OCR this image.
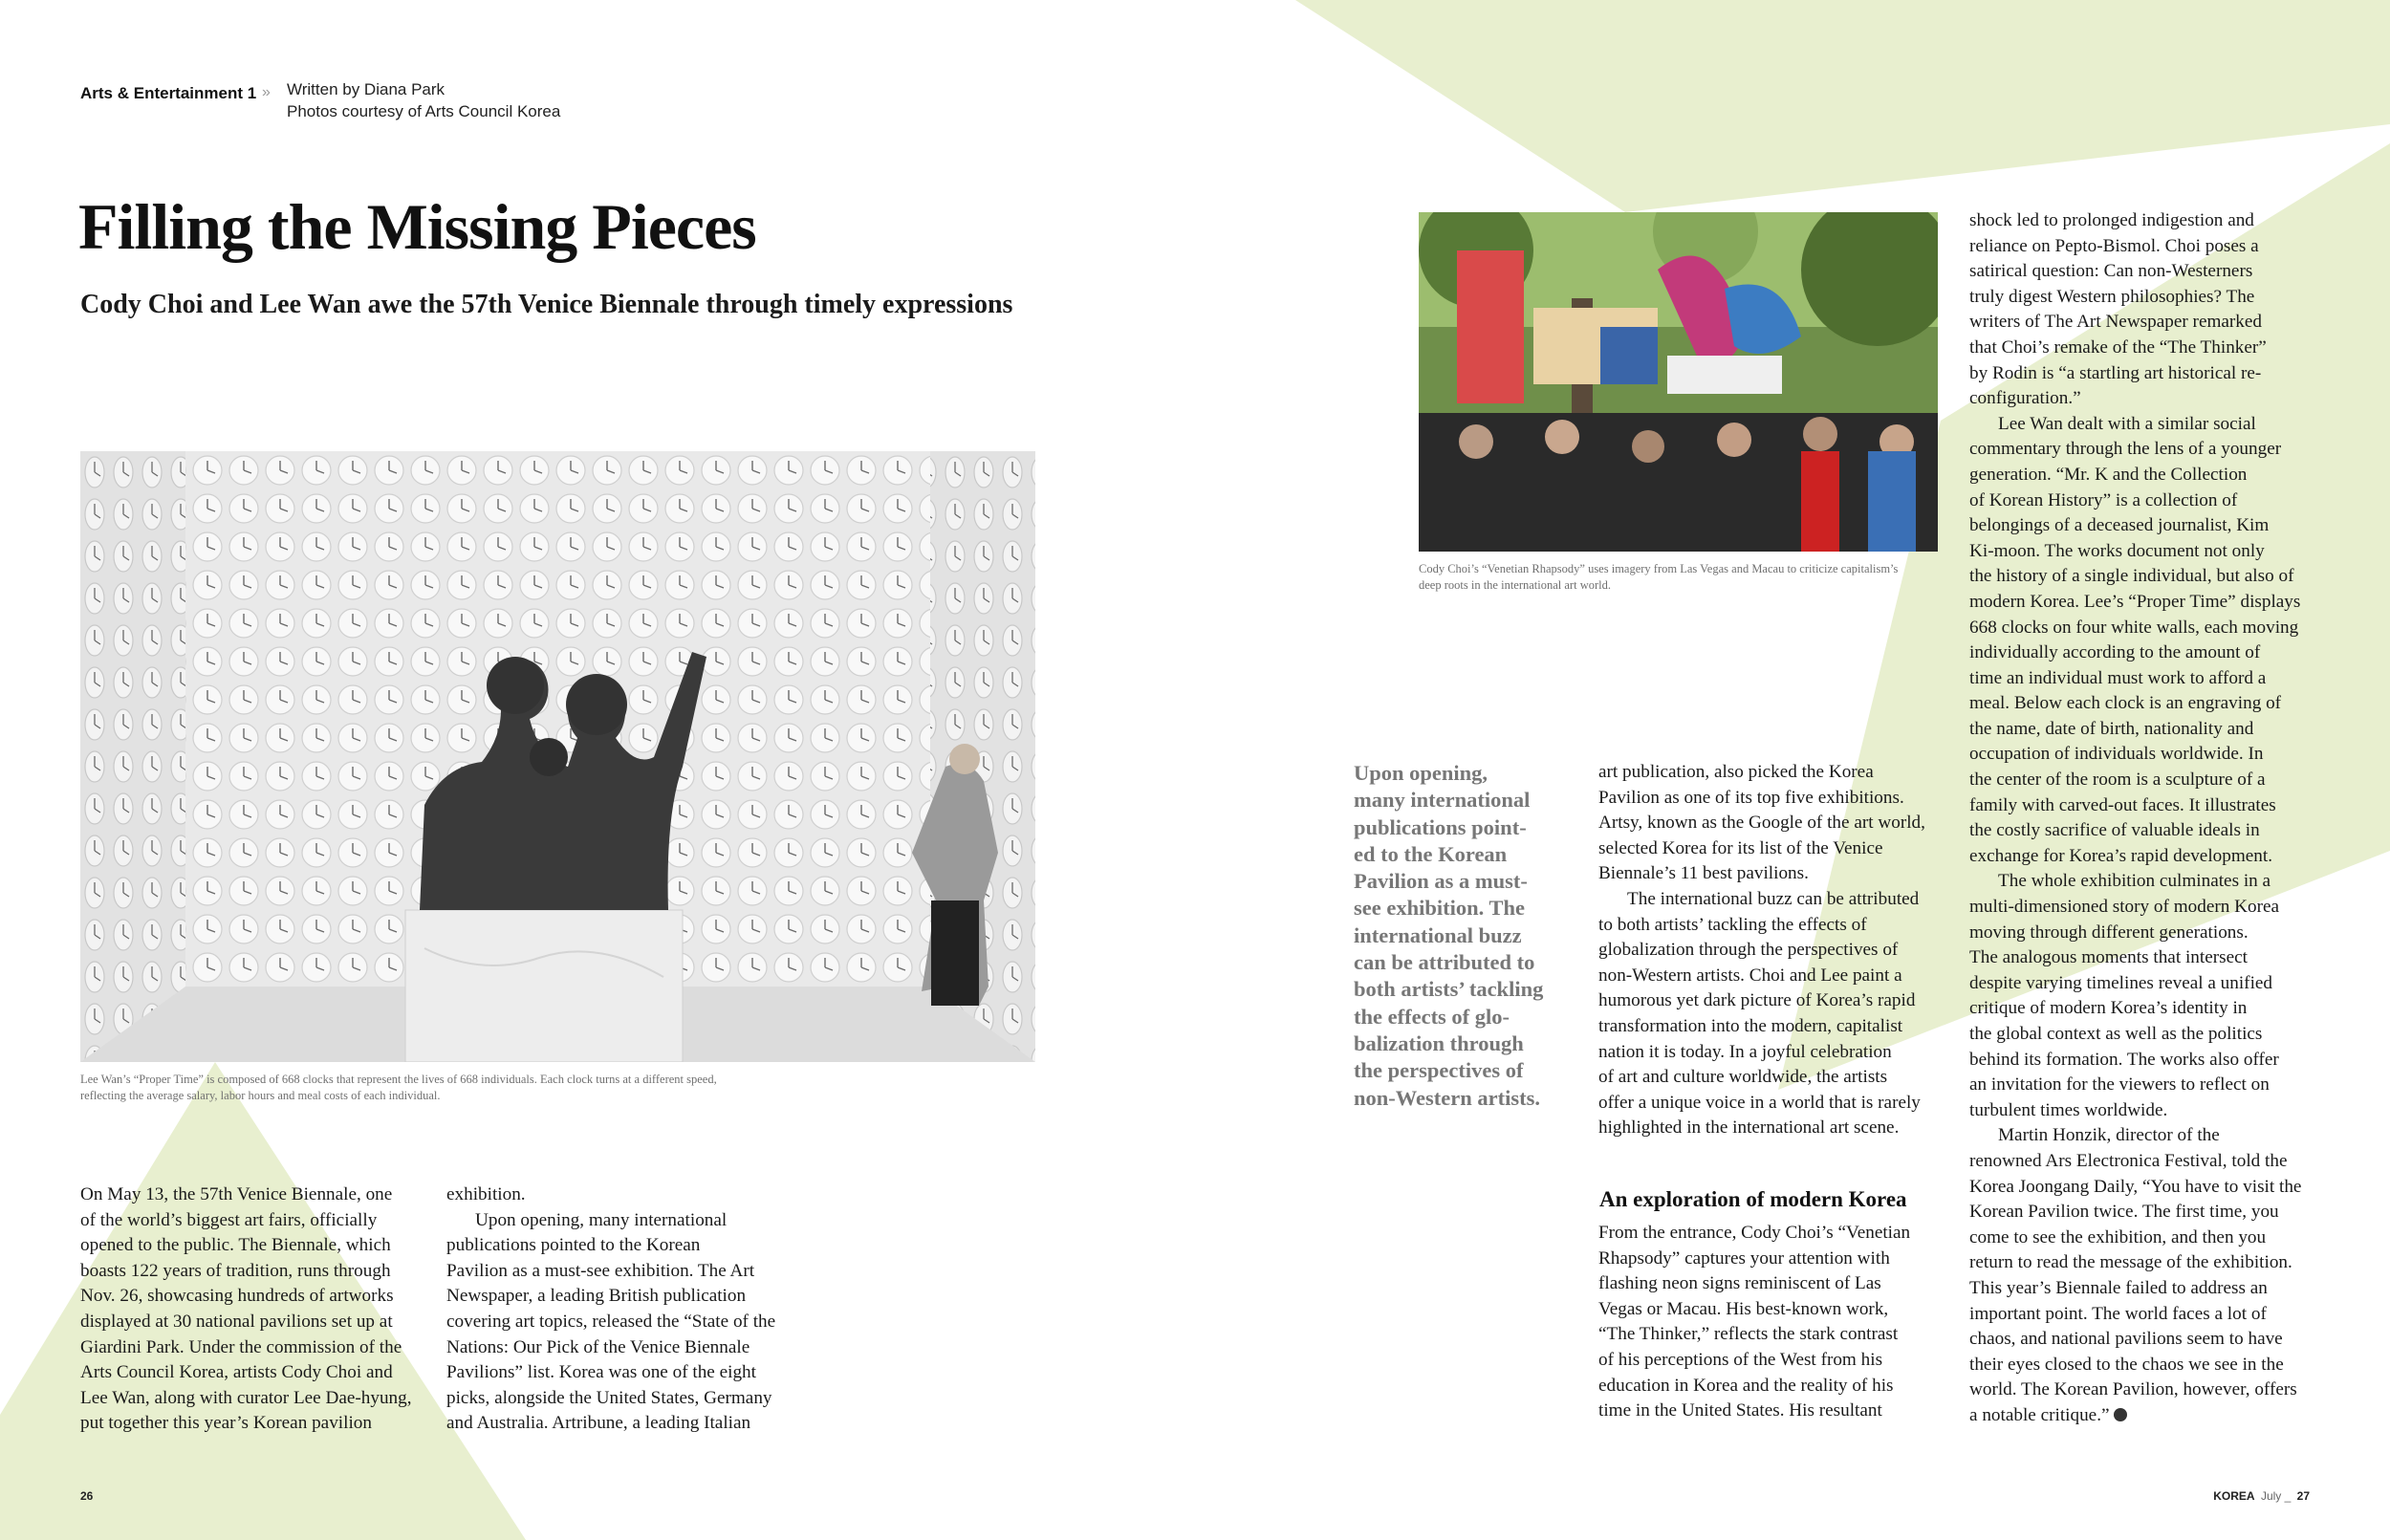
Arts & Entertainment 1 » Written by Diana Park
Photos courtesy of Arts Council Korea
Filling the Missing Pieces
Cody Choi and Lee Wan awe the 57th Venice Biennale through timely expressions
Lee Wan’s “Proper Time” is composed of 668 clocks that represent the lives of 668 individuals. Each clock turns at a different speed,
reflecting the average salary, labor hours and meal costs of each individual.
Cody Choi’s “Venetian Rhapsody” uses imagery from Las Vegas and Macau to criticize capitalism’s
deep roots in the international art world.
Upon opening,
many international
publications point-
ed to the Korean
Pavilion as a must-
see exhibition. The
international buzz
can be attributed to
both artists’ tackling
the effects of glo-
balization through
the perspectives of
non-Western artists.
On May 13, the 57th Venice Biennale, one
of the world’s biggest art fairs, officially
opened to the public. The Biennale, which
boasts 122 years of tradition, runs through
Nov. 26, showcasing hundreds of artworks
displayed at 30 national pavilions set up at
Giardini Park. Under the commission of the
Arts Council Korea, artists Cody Choi and
Lee Wan, along with curator Lee Dae-hyung,
put together this year’s Korean pavilion
exhibition.
Upon opening, many international
publications pointed to the Korean
Pavilion as a must-see exhibition. The Art
Newspaper, a leading British publication
covering art topics, released the “State of the
Nations: Our Pick of the Venice Biennale
Pavilions” list. Korea was one of the eight
picks, alongside the United States, Germany
and Australia. Artribune, a leading Italian
art publication, also picked the Korea
Pavilion as one of its top five exhibitions.
Artsy, known as the Google of the art world,
selected Korea for its list of the Venice
Biennale’s 11 best pavilions.
The international buzz can be attributed
to both artists’ tackling the effects of
globalization through the perspectives of
non-Western artists. Choi and Lee paint a
humorous yet dark picture of Korea’s rapid
transformation into the modern, capitalist
nation it is today. In a joyful celebration
of art and culture worldwide, the artists
offer a unique voice in a world that is rarely
highlighted in the international art scene.
An exploration of modern Korea
From the entrance, Cody Choi’s “Venetian
Rhapsody” captures your attention with
flashing neon signs reminiscent of Las
Vegas or Macau. His best-known work,
“The Thinker,” reflects the stark contrast
of his perceptions of the West from his
education in Korea and the reality of his
time in the United States. His resultant
shock led to prolonged indigestion and
reliance on Pepto-Bismol. Choi poses a
satirical question: Can non-Westerners
truly digest Western philosophies? The
writers of The Art Newspaper remarked
that Choi’s remake of the “The Thinker”
by Rodin is “a startling art historical re-
configuration.”
Lee Wan dealt with a similar social
commentary through the lens of a younger
generation. “Mr. K and the Collection
of Korean History” is a collection of
belongings of a deceased journalist, Kim
Ki-moon. The works document not only
the history of a single individual, but also of
modern Korea. Lee’s “Proper Time” displays
668 clocks on four white walls, each moving
individually according to the amount of
time an individual must work to afford a
meal. Below each clock is an engraving of
the name, date of birth, nationality and
occupation of individuals worldwide. In
the center of the room is a sculpture of a
family with carved-out faces. It illustrates
the costly sacrifice of valuable ideals in
exchange for Korea’s rapid development.
The whole exhibition culminates in a
multi-dimensioned story of modern Korea
moving through different generations.
The analogous moments that intersect
despite varying timelines reveal a unified
critique of modern Korea’s identity in
the global context as well as the politics
behind its formation. The works also offer
an invitation for the viewers to reflect on
turbulent times worldwide.
Martin Honzik, director of the
renowned Ars Electronica Festival, told the
Korea Joongang Daily, “You have to visit the
Korean Pavilion twice. The first time, you
come to see the exhibition, and then you
return to read the message of the exhibition.
This year’s Biennale failed to address an
important point. The world faces a lot of
chaos, and national pavilions seem to have
their eyes closed to the chaos we see in the
world. The Korean Pavilion, however, offers
a notable critique.”
26	KOREA July _ 27
